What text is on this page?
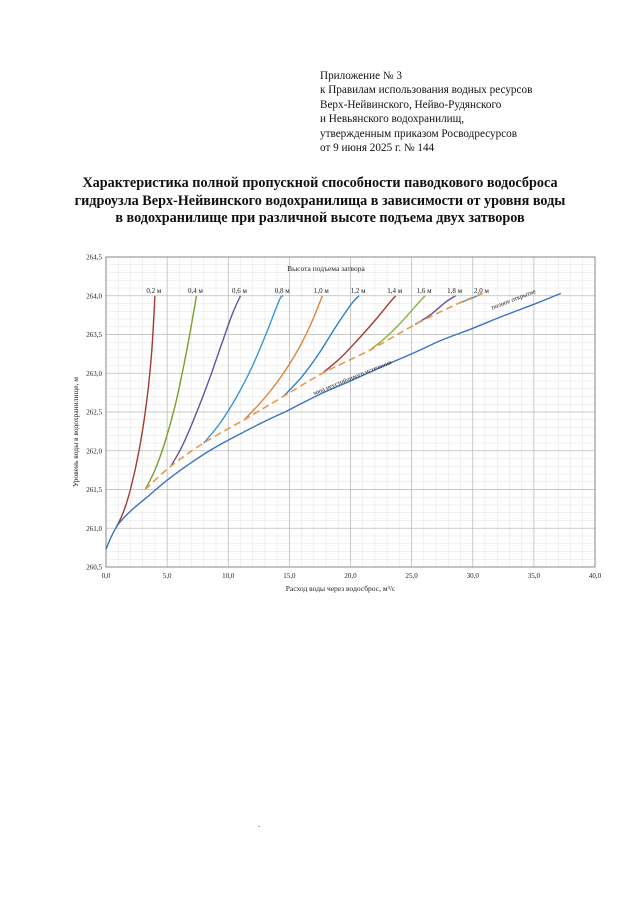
Приложение № 3
к Правилам использования водных ресурсов
Верх-Нейвинского, Нейво-Рудянского
и Невьянского водохранилищ,
утвержденным приказом Росводресурсов
от 9 июня 2025 г. № 144
Характеристика полной пропускной способности паводкового водосброса
гидроузла Верх-Нейвинского водохранилища в зависимости от уровня воды
в водохранилище при различной высоте подъема двух затворов
0,0	5,0	10,0	15,0	20,0	25,0	30,0	35,0	40,0
260,5
261,0
261,5
262,0
262,5
263,0
263,5
264,0
264,5
Расход воды через водосброс, м³/с
Уровень воды в водохранилище, м
Высота подъема затвора
0,2 м	0,4 м	0,6 м	0,8 м	1,0 м	1,2 м	1,4 м 1,6 м 1,8 м 2,0 м полное открытие
зона неустойчивого истечения
